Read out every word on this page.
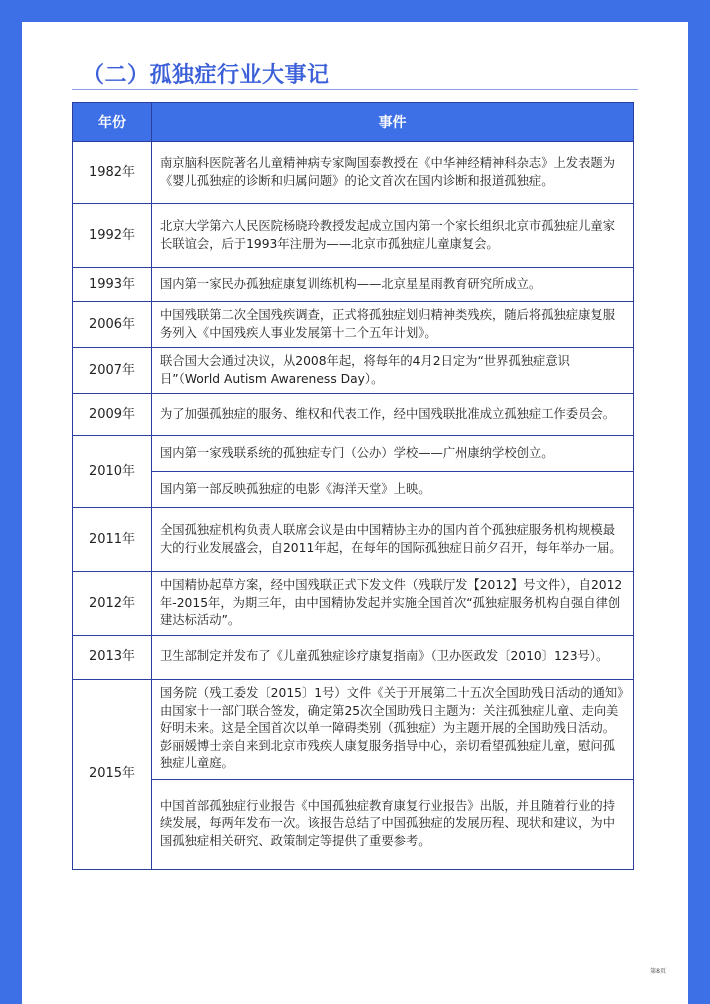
（二）孤独症行业大事记
年份	事件
1982年	南京脑科医院著名儿童精神病专家陶国泰教授在《中华神经精神科杂志》上发表题为《婴儿孤独症的诊断和归属问题》的论文首次在国内诊断和报道孤独症。
1992年	北京大学第六人民医院杨晓玲教授发起成立国内第一个家长组织北京市孤独症儿童家长联谊会，后于1993年注册为——北京市孤独症儿童康复会。
1993年	国内第一家民办孤独症康复训练机构——北京星星雨教育研究所成立。
2006年	中国残联第二次全国残疾调查，正式将孤独症划归精神类残疾，随后将孤独症康复服务列入《中国残疾人事业发展第十二个五年计划》。
2007年	联合国大会通过决议，从2008年起，将每年的4月2日定为“世界孤独症意识日”（World Autism Awareness Day）。
2009年	为了加强孤独症的服务、维权和代表工作，经中国残联批准成立孤独症工作委员会。
2010年	国内第一家残联系统的孤独症专门（公办）学校——广州康纳学校创立。
	国内第一部反映孤独症的电影《海洋天堂》上映。
2011年	全国孤独症机构负责人联席会议是由中国精协主办的国内首个孤独症服务机构规模最大的行业发展盛会，自2011年起，在每年的国际孤独症日前夕召开，每年举办一届。
2012年	中国精协起草方案，经中国残联正式下发文件（残联厅发【2012】号文件），自2012年-2015年，为期三年，由中国精协发起并实施全国首次“孤独症服务机构自强自律创建达标活动”。
2013年	卫生部制定并发布了《儿童孤独症诊疗康复指南》（卫办医政发〔2010〕123号）。
2015年	国务院（残工委发〔2015〕1号）文件《关于开展第二十五次全国助残日活动的通知》由国家十一部门联合签发，确定第25次全国助残日主题为：关注孤独症儿童、走向美好明未来。这是全国首次以单一障碍类别（孤独症）为主题开展的全国助残日活动。彭丽媛博士亲自来到北京市残疾人康复服务指导中心，亲切看望孤独症儿童，慰问孤独症儿童庭。
	中国首部孤独症行业报告《中国孤独症教育康复行业报告》出版，并且随着行业的持续发展，每两年发布一次。该报告总结了中国孤独症的发展历程、现状和建议，为中国孤独症相关研究、政策制定等提供了重要参考。
第8页
